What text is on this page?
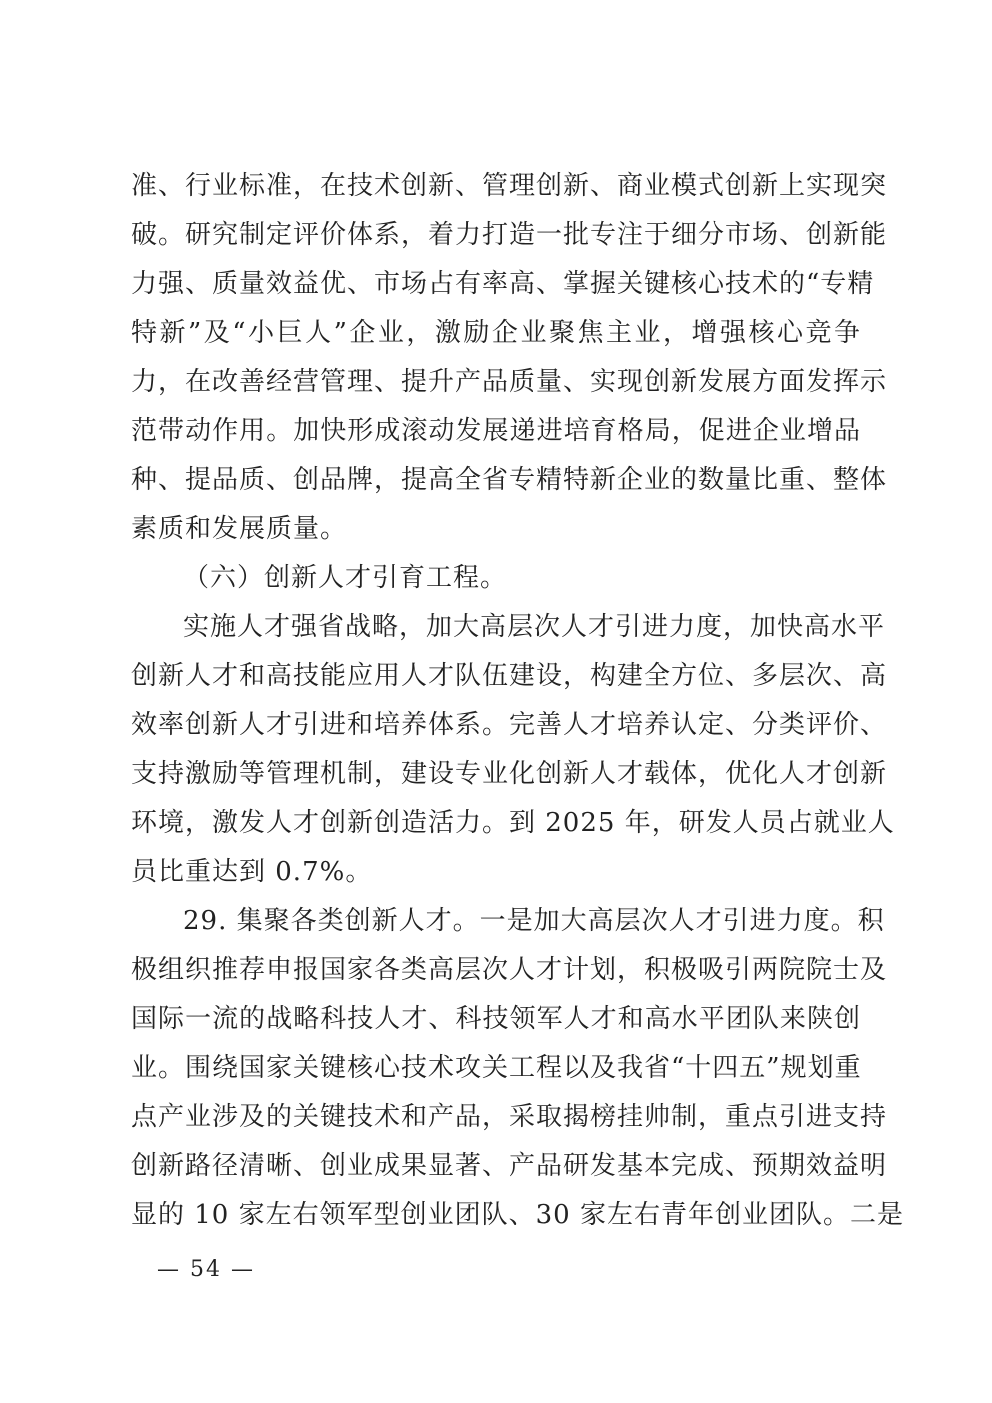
准、行业标准，在技术创新、管理创新、商业模式创新上实现突
破。研究制定评价体系，着力打造一批专注于细分市场、创新能
力强、质量效益优、市场占有率高、掌握关键核心技术的“专精
特新”及“小巨人”企业，激励企业聚焦主业，增强核心竞争
力，在改善经营管理、提升产品质量、实现创新发展方面发挥示
范带动作用。加快形成滚动发展递进培育格局，促进企业增品
种、提品质、创品牌，提高全省专精特新企业的数量比重、整体
素质和发展质量。
（六）创新人才引育工程。
实施人才强省战略，加大高层次人才引进力度，加快高水平
创新人才和高技能应用人才队伍建设，构建全方位、多层次、高
效率创新人才引进和培养体系。完善人才培养认定、分类评价、
支持激励等管理机制，建设专业化创新人才载体，优化人才创新
环境，激发人才创新创造活力。到 2025 年，研发人员占就业人
员比重达到 0.7%。
29. 集聚各类创新人才。一是加大高层次人才引进力度。积
极组织推荐申报国家各类高层次人才计划，积极吸引两院院士及
国际一流的战略科技人才、科技领军人才和高水平团队来陕创
业。围绕国家关键核心技术攻关工程以及我省“十四五”规划重
点产业涉及的关键技术和产品，采取揭榜挂帅制，重点引进支持
创新路径清晰、创业成果显著、产品研发基本完成、预期效益明
显的 10 家左右领军型创业团队、30 家左右青年创业团队。二是
— 54 —
